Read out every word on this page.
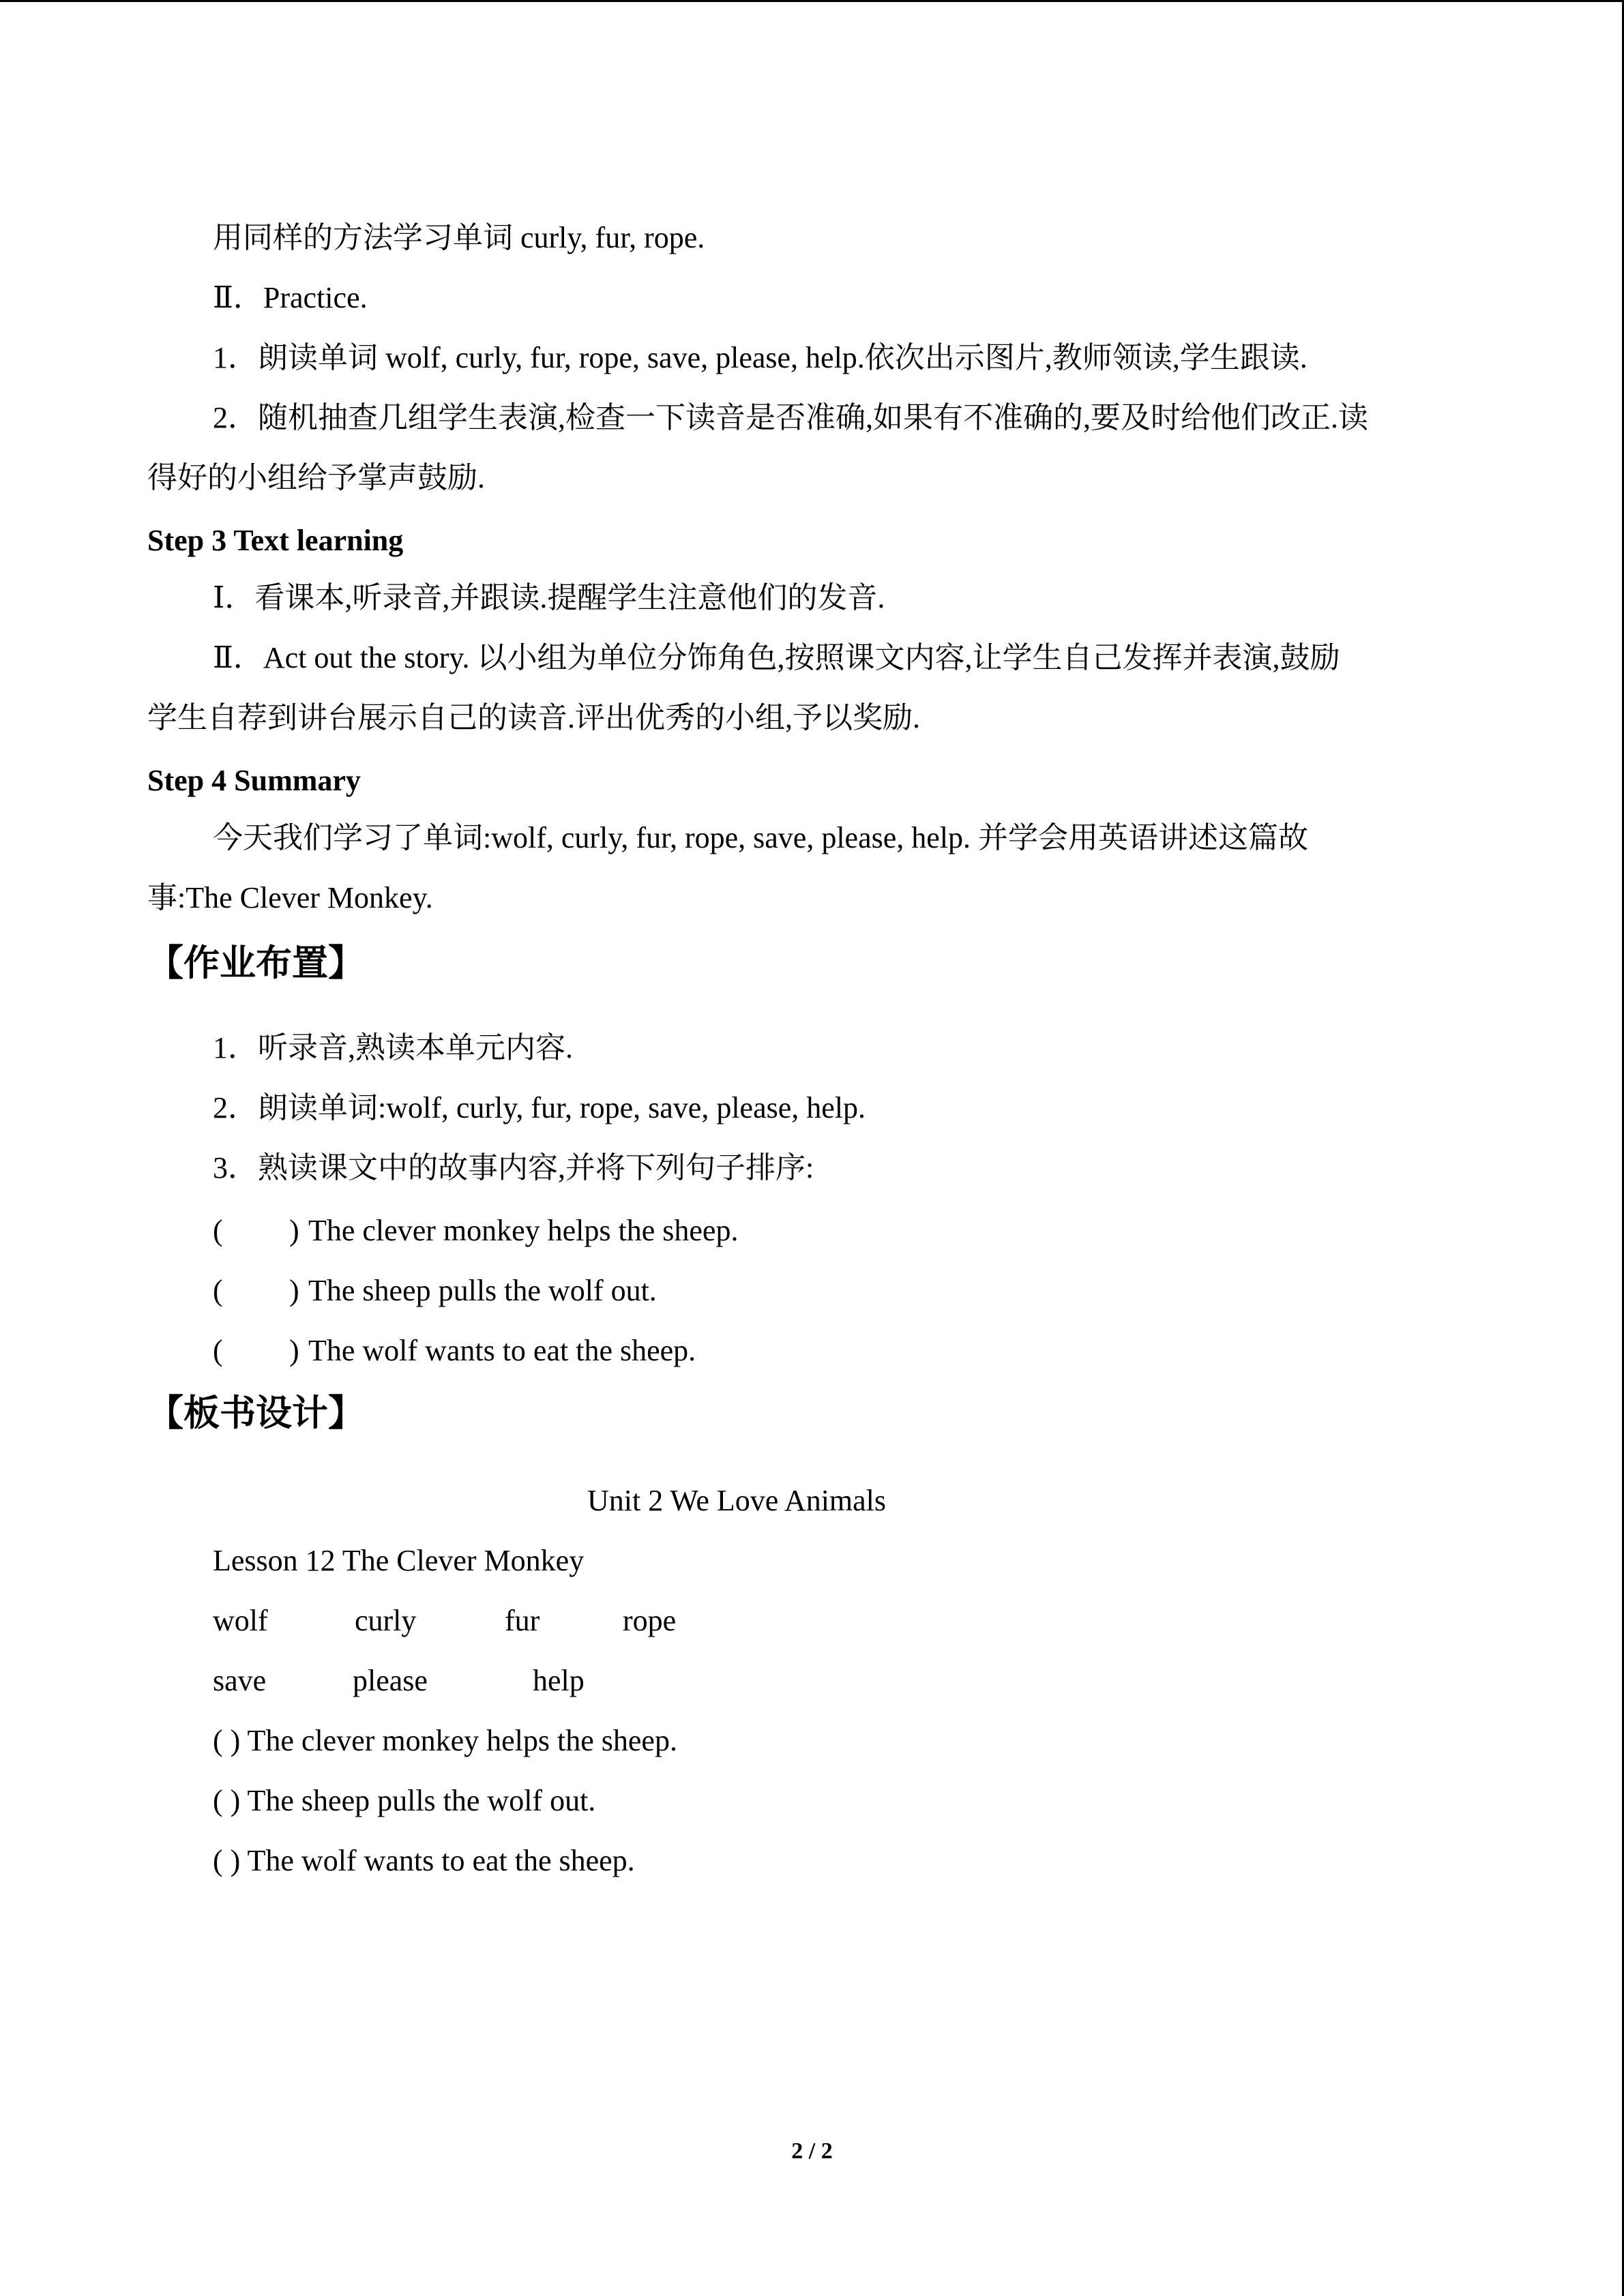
用同样的方法学习单词 curly, fur, rope.
Ⅱ．Practice.
1．朗读单词 wolf, curly, fur, rope, save, please, help.依次出示图片,教师领读,学生跟读.
2．随机抽查几组学生表演,检查一下读音是否准确,如果有不准确的,要及时给他们改正.读
得好的小组给予掌声鼓励.
Step 3 Text learning
Ⅰ．看课本,听录音,并跟读.提醒学生注意他们的发音.
Ⅱ．Act out the story. 以小组为单位分饰角色,按照课文内容,让学生自己发挥并表演,鼓励
学生自荐到讲台展示自己的读音.评出优秀的小组,予以奖励.
Step 4 Summary
今天我们学习了单词:wolf, curly, fur, rope, save, please, help. 并学会用英语讲述这篇故
事:The Clever Monkey.
【作业布置】
1．听录音,熟读本单元内容.
2．朗读单词:wolf, curly, fur, rope, save, please, help.
3．熟读课文中的故事内容,并将下列句子排序:
( ) The clever monkey helps the sheep.
( ) The sheep pulls the wolf out.
( ) The wolf wants to eat the sheep.
【板书设计】
Unit 2 We Love Animals
Lesson 12 The Clever Monkey
wolf	curly	fur	rope
save	please	help
( ) The clever monkey helps the sheep.
( ) The sheep pulls the wolf out.
( ) The wolf wants to eat the sheep.
2 / 2
